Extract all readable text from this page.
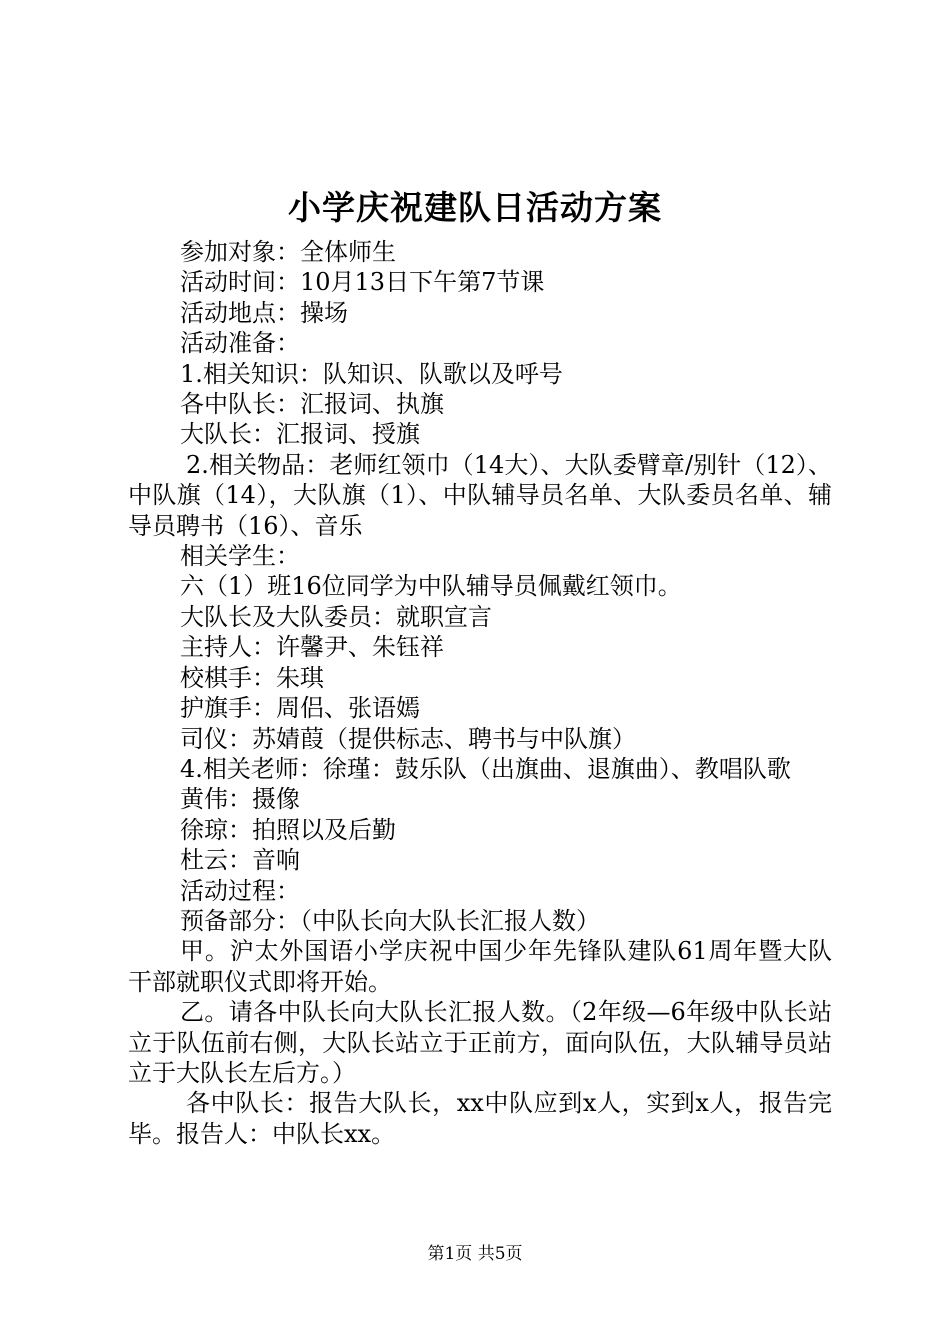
小学庆祝建队日活动方案

参加对象：全体师生

活动时间：10月13日下午第7节课

活动地点：操场

活动准备：

1.相关知识：队知识、队歌以及呼号

各中队长：汇报词、执旗

大队长：汇报词、授旗

2.相关物品：老师红领巾（14大）、大队委臂章/别针（12）、中队旗（14），大队旗（1）、中队辅导员名单、大队委员名单、辅导员聘书（16）、音乐

相关学生：

六（1）班16位同学为中队辅导员佩戴红领巾。

大队长及大队委员：就职宣言

主持人：许馨尹、朱钰祥

校棋手：朱琪

护旗手：周侣、张语嫣

司仪：苏婧葭（提供标志、聘书与中队旗）

4.相关老师：徐瑾：鼓乐队（出旗曲、退旗曲）、教唱队歌

黄伟：摄像

徐琼：拍照以及后勤

杜云：音响

活动过程：

预备部分：（中队长向大队长汇报人数）

甲。沪太外国语小学庆祝中国少年先锋队建队61周年暨大队干部就职仪式即将开始。

乙。请各中队长向大队长汇报人数。（2年级—6年级中队长站立于队伍前右侧，大队长站立于正前方，面向队伍，大队辅导员站立于大队长左后方。）

各中队长：报告大队长，xx中队应到x人，实到x人，报告完毕。报告人：中队长xx。

第1页 共5页
